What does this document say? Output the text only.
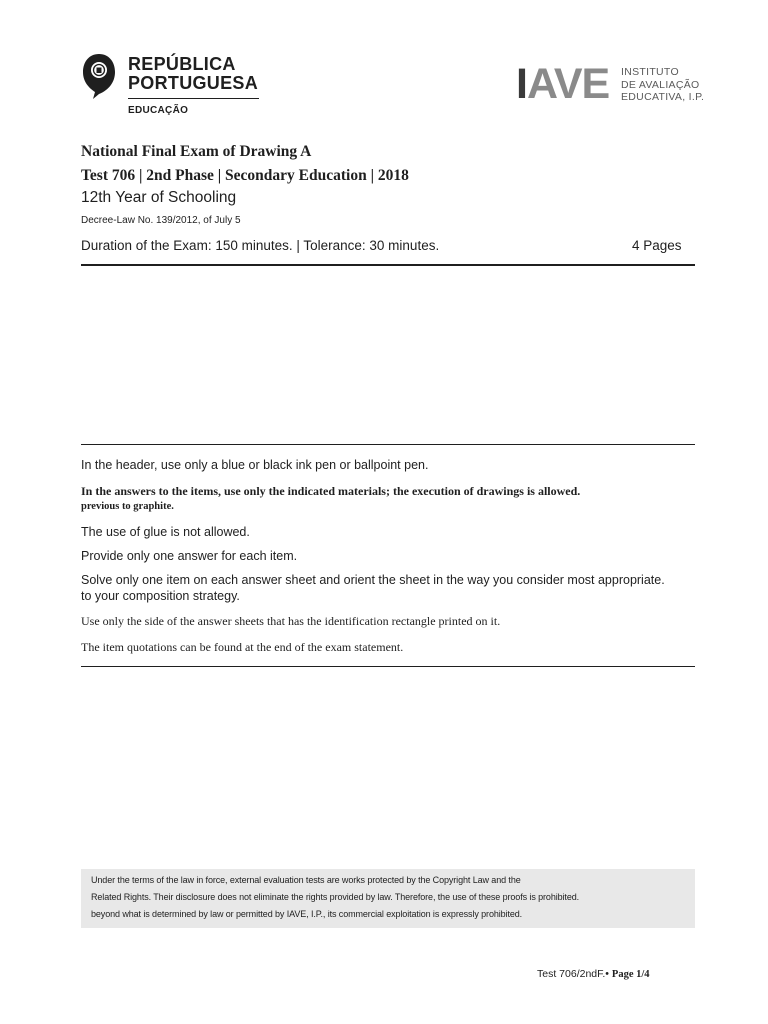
REPÚBLICA
PORTUGUESA
EDUCAÇÃO
IAVE INSTITUTO
DE AVALIAÇÃO
EDUCATIVA, I.P.
National Final Exam of Drawing A
Test 706 | 2nd Phase | Secondary Education | 2018
12th Year of Schooling
Decree-Law No. 139/2012, of July 5
Duration of the Exam: 150 minutes. | Tolerance: 30 minutes.	4 Pages
In the header, use only a blue or black ink pen or ballpoint pen.
In the answers to the items, use only the indicated materials; the execution of drawings is allowed.
previous to graphite.
The use of glue is not allowed.
Provide only one answer for each item.
Solve only one item on each answer sheet and orient the sheet in the way you consider most appropriate.
to your composition strategy.
Use only the side of the answer sheets that has the identification rectangle printed on it.
The item quotations can be found at the end of the exam statement.
Under the terms of the law in force, external evaluation tests are works protected by the Copyright Law and the
Related Rights. Their disclosure does not eliminate the rights provided by law. Therefore, the use of these proofs is prohibited.
beyond what is determined by law or permitted by IAVE, I.P., its commercial exploitation is expressly prohibited.
Test 706/2ndF.• Page 1/4
